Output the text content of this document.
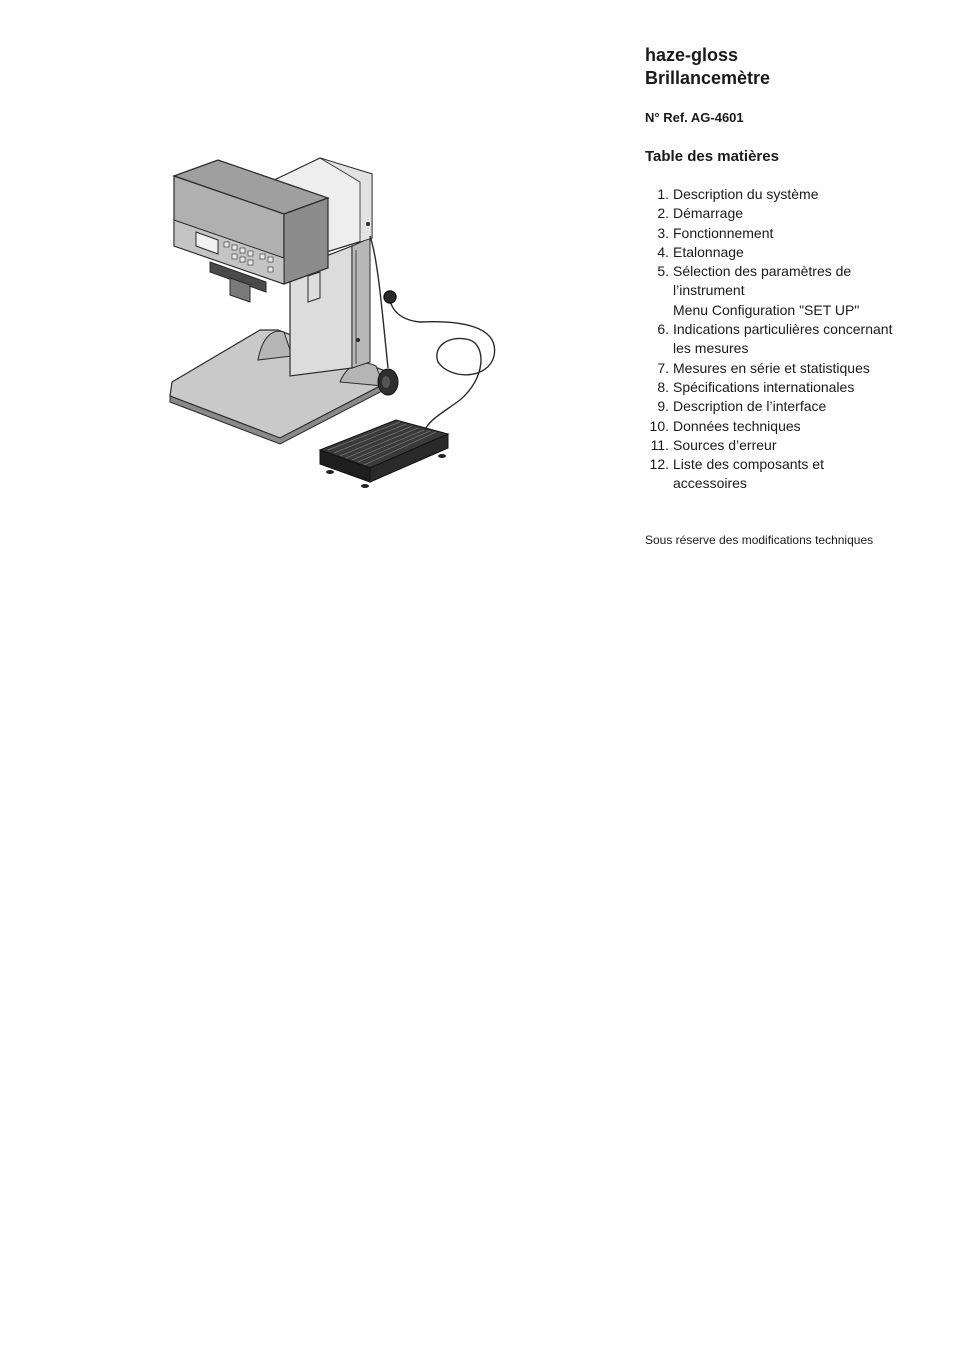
haze-gloss
Brillancemètre

N° Ref. AG-4601

Table des matières
1. Description du système
2. Démarrage
3. Fonctionnement
4. Etalonnage
5. Sélection des paramètres de
l’instrument
Menu Configuration "SET UP"
6. Indications particulières concernant
les mesures
7. Mesures en série et statistiques
8. Spécifications internationales
9. Description de l’interface
10. Données techniques
11. Sources d’erreur
12. Liste des composants et
accessoires

Sous réserve des modifications techniques
